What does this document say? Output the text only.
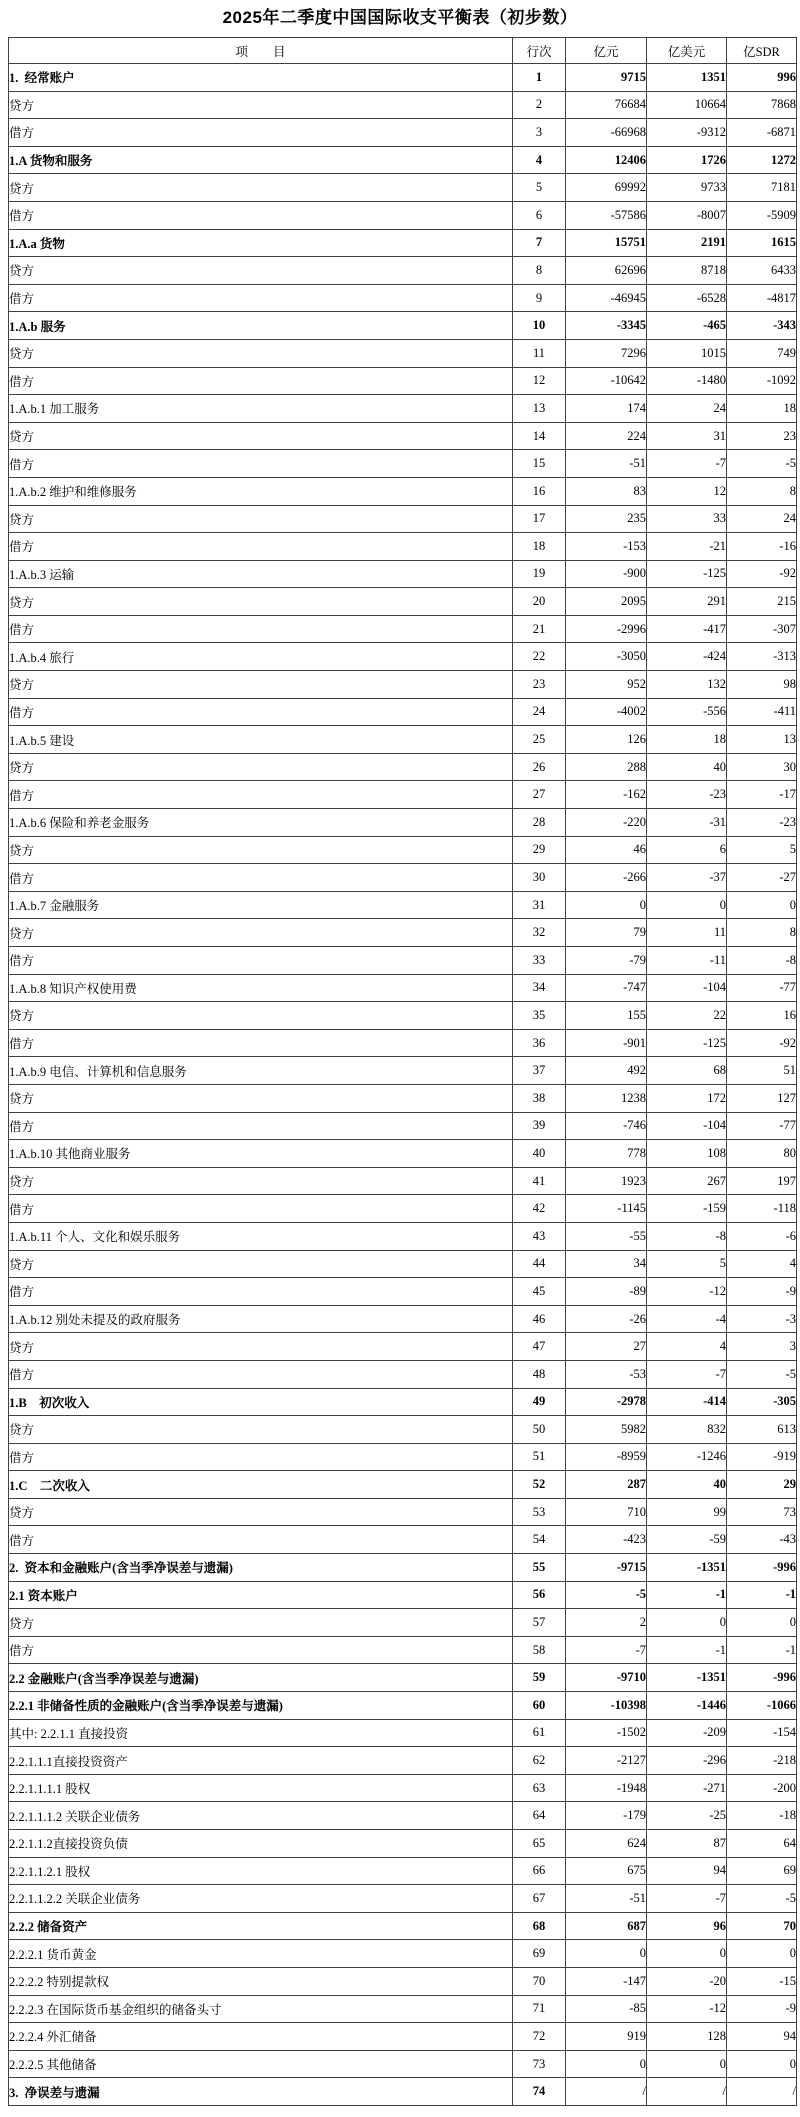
2025年二季度中国国际收支平衡表（初步数）
项　　目	行次	亿元	亿美元	亿SDR
1.  经常账户	1	9715	1351	996
贷方	2	76684	10664	7868
借方	3	-66968	-9312	-6871
1.A 货物和服务	4	12406	1726	1272
贷方	5	69992	9733	7181
借方	6	-57586	-8007	-5909
1.A.a 货物	7	15751	2191	1615
贷方	8	62696	8718	6433
借方	9	-46945	-6528	-4817
1.A.b 服务	10	-3345	-465	-343
贷方	11	7296	1015	749
借方	12	-10642	-1480	-1092
1.A.b.1 加工服务	13	174	24	18
贷方	14	224	31	23
借方	15	-51	-7	-5
1.A.b.2 维护和维修服务	16	83	12	8
贷方	17	235	33	24
借方	18	-153	-21	-16
1.A.b.3 运输	19	-900	-125	-92
贷方	20	2095	291	215
借方	21	-2996	-417	-307
1.A.b.4 旅行	22	-3050	-424	-313
贷方	23	952	132	98
借方	24	-4002	-556	-411
1.A.b.5 建设	25	126	18	13
贷方	26	288	40	30
借方	27	-162	-23	-17
1.A.b.6 保险和养老金服务	28	-220	-31	-23
贷方	29	46	6	5
借方	30	-266	-37	-27
1.A.b.7 金融服务	31	0	0	0
贷方	32	79	11	8
借方	33	-79	-11	-8
1.A.b.8 知识产权使用费	34	-747	-104	-77
贷方	35	155	22	16
借方	36	-901	-125	-92
1.A.b.9 电信、计算机和信息服务	37	492	68	51
贷方	38	1238	172	127
借方	39	-746	-104	-77
1.A.b.10 其他商业服务	40	778	108	80
贷方	41	1923	267	197
借方	42	-1145	-159	-118
1.A.b.11 个人、文化和娱乐服务	43	-55	-8	-6
贷方	44	34	5	4
借方	45	-89	-12	-9
1.A.b.12 别处未提及的政府服务	46	-26	-4	-3
贷方	47	27	4	3
借方	48	-53	-7	-5
1.B    初次收入	49	-2978	-414	-305
贷方	50	5982	832	613
借方	51	-8959	-1246	-919
1.C    二次收入	52	287	40	29
贷方	53	710	99	73
借方	54	-423	-59	-43
2.  资本和金融账户(含当季净误差与遗漏)	55	-9715	-1351	-996
2.1 资本账户	56	-5	-1	-1
贷方	57	2	0	0
借方	58	-7	-1	-1
2.2 金融账户(含当季净误差与遗漏)	59	-9710	-1351	-996
2.2.1 非储备性质的金融账户(含当季净误差与遗漏)	60	-10398	-1446	-1066
其中: 2.2.1.1 直接投资	61	-1502	-209	-154
2.2.1.1.1直接投资资产	62	-2127	-296	-218
2.2.1.1.1.1 股权	63	-1948	-271	-200
2.2.1.1.1.2 关联企业债务	64	-179	-25	-18
2.2.1.1.2直接投资负债	65	624	87	64
2.2.1.1.2.1 股权	66	675	94	69
2.2.1.1.2.2 关联企业债务	67	-51	-7	-5
2.2.2 储备资产	68	687	96	70
2.2.2.1 货币黄金	69	0	0	0
2.2.2.2 特别提款权	70	-147	-20	-15
2.2.2.3 在国际货币基金组织的储备头寸	71	-85	-12	-9
2.2.2.4 外汇储备	72	919	128	94
2.2.2.5 其他储备	73	0	0	0
3.  净误差与遗漏	74	/	/	/
